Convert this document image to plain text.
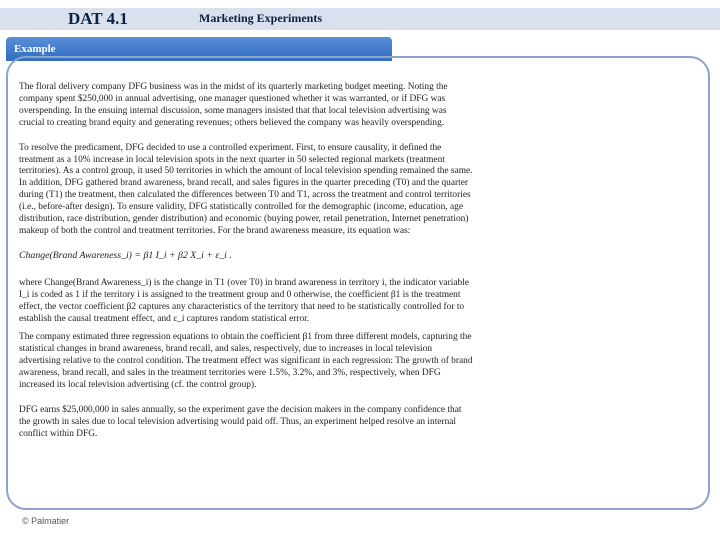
DAT 4.1	Marketing Experiments
Example

The floral delivery company DFG business was in the midst of its quarterly marketing budget meeting. Noting the company spent $250,000 in annual advertising, one manager questioned whether it was warranted, or if DFG was overspending. In the ensuing internal discussion, some managers insisted that that local television advertising was crucial to creating brand equity and generating revenues; others believed the company was heavily overspending.

To resolve the predicament, DFG decided to use a controlled experiment. First, to ensure causality, it defined the treatment as a 10% increase in local television spots in the next quarter in 50 selected regional markets (treatment territories). As a control group, it used 50 territories in which the amount of local television spending remained the same. In addition, DFG gathered brand awareness, brand recall, and sales figures in the quarter preceding (T0) and the quarter during (T1) the treatment, then calculated the differences between T0 and T1, across the treatment and control territories (i.e., before-after design). To ensure validity, DFG statistically controlled for the demographic (income, education, age distribution, race distribution, gender distribution) and economic (buying power, retail penetration, Internet penetration) makeup of both the control and treatment territories. For the brand awareness measure, its equation was:

Change(Brand Awareness_i) = β1 I_i + β2 X_i + ε_i .

where Change(Brand Awareness_i) is the change in T1 (over T0) in brand awareness in territory i, the indicator variable I_i is coded as 1 if the territory i is assigned to the treatment group and 0 otherwise, the coefficient β1 is the treatment effect, the vector coefficient β2 captures any characteristics of the territory that need to be statistically controlled for to establish the causal treatment effect, and ε_i captures random statistical error.

The company estimated three regression equations to obtain the coefficient β1 from three different models, capturing the statistical changes in brand awareness, brand recall, and sales, respectively, due to increases in local television advertising relative to the control condition. The treatment effect was significant in each regression: The growth of brand awareness, brand recall, and sales in the treatment territories were 1.5%, 3.2%, and 3%, respectively, when DFG increased its local television advertising (cf. the control group).

DFG earns $25,000,000 in sales annually, so the experiment gave the decision makers in the company confidence that the growth in sales due to local television advertising would paid off. Thus, an experiment helped resolve an internal conflict within DFG.

© Palmatier
